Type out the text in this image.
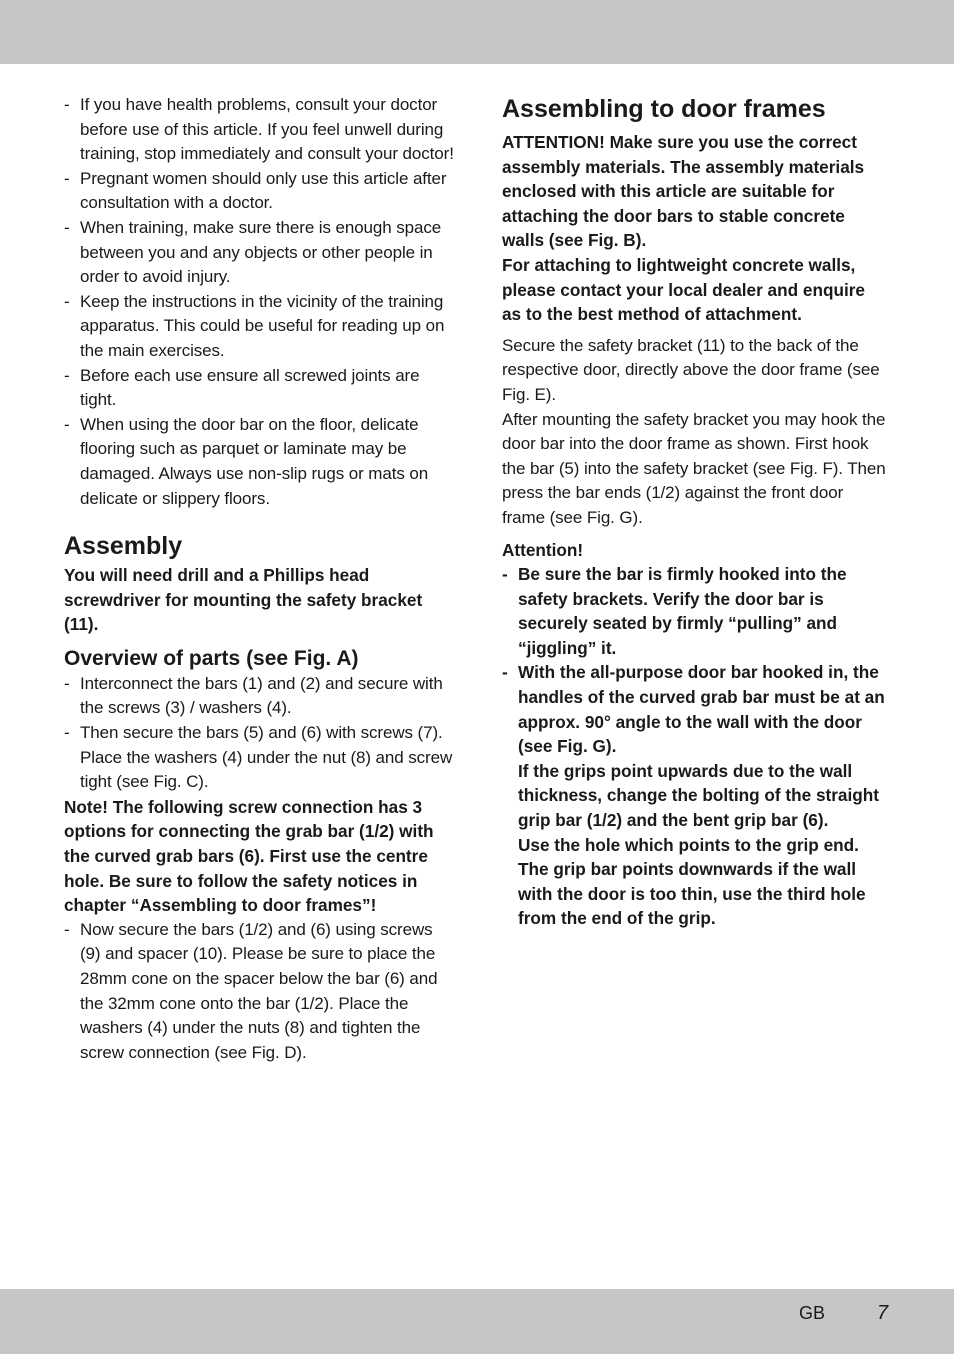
- If you have health problems, consult your doctor before use of this article. If you feel unwell during training, stop immediately and consult your doctor!
- Pregnant women should only use this article after consultation with a doctor.
- When training, make sure there is enough space between you and any objects or other people in order to avoid injury.
- Keep the instructions in the vicinity of the training apparatus. This could be useful for reading up on the main exercises.
- Before each use ensure all screwed joints are tight.
- When using the door bar on the floor, delicate flooring such as parquet or laminate may be damaged. Always use non-slip rugs or mats on delicate or slippery floors.
Assembly

You will need drill and a Phillips head screwdriver for mounting the safety bracket (11).

Overview of parts (see Fig. A)
- Interconnect the bars (1) and (2) and secure with the screws (3) / washers (4).
- Then secure the bars (5) and (6) with screws (7). Place the washers (4) under the nut (8) and screw tight (see Fig. C).

Note! The following screw connection has 3 options for connecting the grab bar (1/2) with the curved grab bars (6). First use the centre hole. Be sure to follow the safety notices in chapter “Assembling to door frames”!

- Now secure the bars (1/2) and (6) using screws (9) and spacer (10). Please be sure to place the 28mm cone on the spacer below the bar (6) and the 32mm cone onto the bar (1/2). Place the washers (4) under the nuts (8) and tighten the screw connection (see Fig. D).
Assembling to door frames

ATTENTION! Make sure you use the correct assembly materials. The assembly materials enclosed with this article are suitable for attaching the door bars to stable concrete walls (see Fig. B).

For attaching to lightweight concrete walls, please contact your local dealer and enquire as to the best method of attachment.

Secure the safety bracket (11) to the back of the respective door, directly above the door frame (see Fig. E).

After mounting the safety bracket you may hook the door bar into the door frame as shown. First hook the bar (5) into the safety bracket (see Fig. F). Then press the bar ends (1/2) against the front door frame (see Fig. G).

Attention!

- Be sure the bar is firmly hooked into the safety brackets. Verify the door bar is securely seated by firmly “pulling” and “jiggling” it.

- With the all-purpose door bar hooked in, the handles of the curved grab bar must be at an approx. 90° angle to the wall with the door (see Fig. G).

If the grips point upwards due to the wall thickness, change the bolting of the straight grip bar (1/2) and the bent grip bar (6).

Use the hole which points to the grip end.

The grip bar points downwards if the wall with the door is too thin, use the third hole from the end of the grip.

GB	7
